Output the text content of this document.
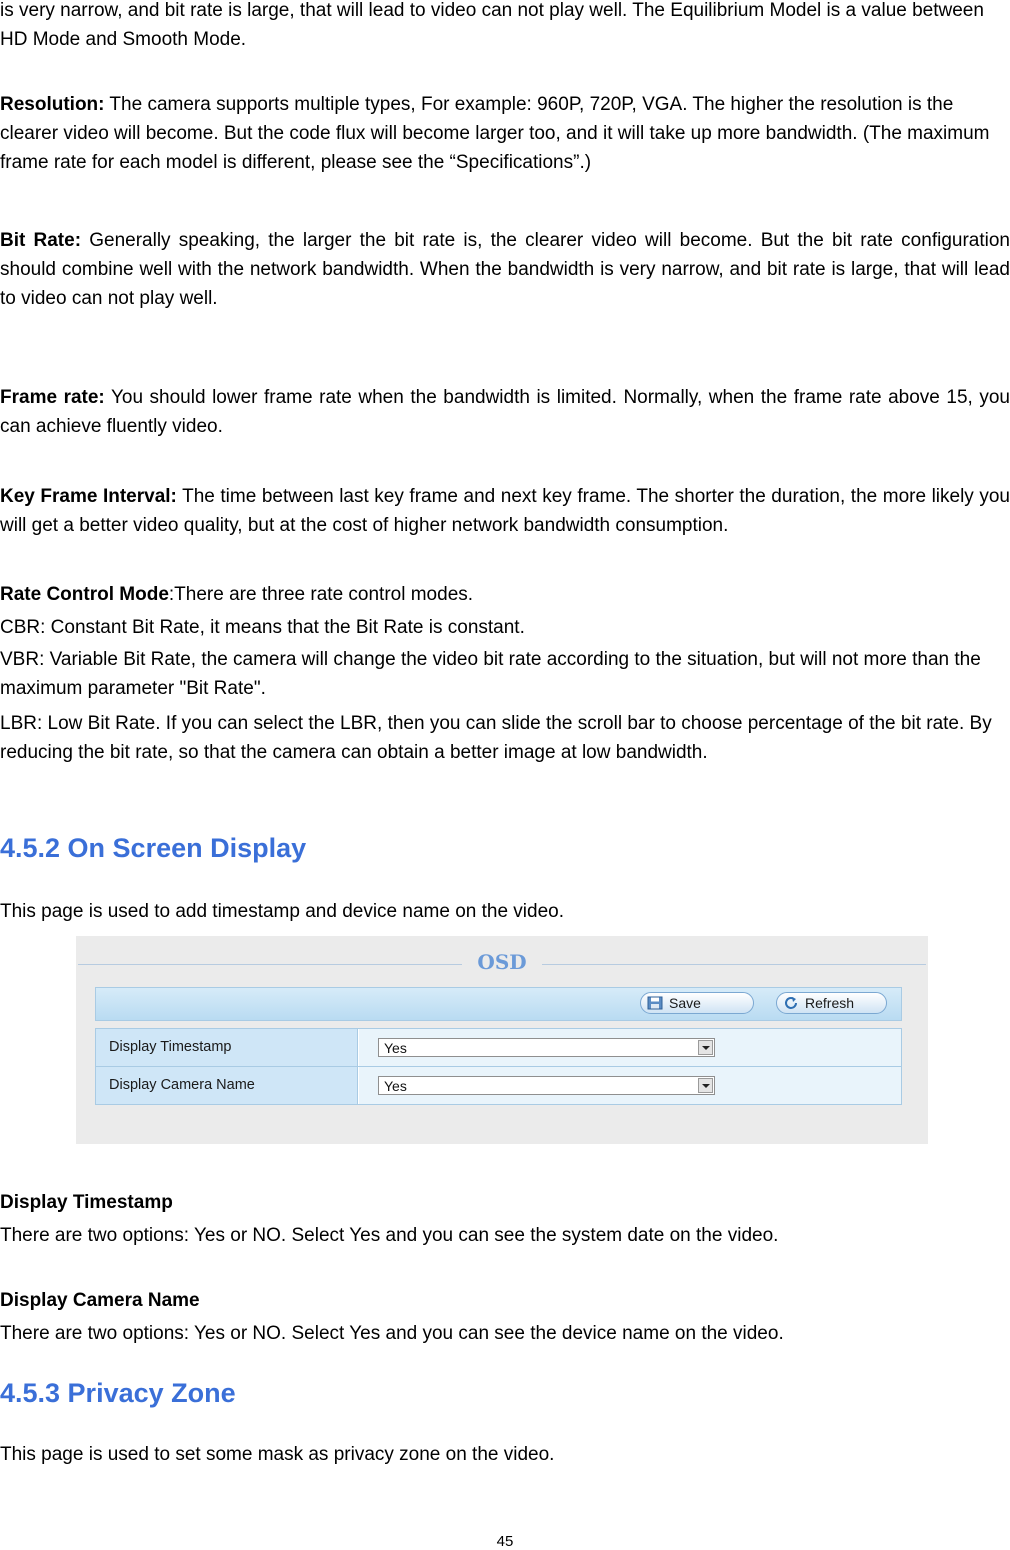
is very narrow, and bit rate is large, that will lead to video can not play well. The Equilibrium Model is a value between HD Mode and Smooth Mode.

Resolution: The camera supports multiple types, For example: 960P, 720P, VGA. The higher the resolution is the clearer video will become. But the code flux will become larger too, and it will take up more bandwidth. (The maximum frame rate for each model is different, please see the “Specifications”.)

Bit Rate: Generally speaking, the larger the bit rate is, the clearer video will become. But the bit rate configuration should combine well with the network bandwidth. When the bandwidth is very narrow, and bit rate is large, that will lead to video can not play well.

Frame rate: You should lower frame rate when the bandwidth is limited. Normally, when the frame rate above 15, you can achieve fluently video.

Key Frame Interval: The time between last key frame and next key frame. The shorter the duration, the more likely you will get a better video quality, but at the cost of higher network bandwidth consumption.

Rate Control Mode:There are three rate control modes.

CBR: Constant Bit Rate, it means that the Bit Rate is constant.

VBR: Variable Bit Rate, the camera will change the video bit rate according to the situation, but will not more than the maximum parameter "Bit Rate".

LBR: Low Bit Rate. If you can select the LBR, then you can slide the scroll bar to choose percentage of the bit rate. By reducing the bit rate, so that the camera can obtain a better image at low bandwidth.

4.5.2 On Screen Display

This page is used to add timestamp and device name on the video.

OSD
Save	Refresh
Display Timestamp	Yes
Display Camera Name	Yes

Display Timestamp

There are two options: Yes or NO. Select Yes and you can see the system date on the video.

Display Camera Name

There are two options: Yes or NO. Select Yes and you can see the device name on the video.

4.5.3 Privacy Zone

This page is used to set some mask as privacy zone on the video.

45
